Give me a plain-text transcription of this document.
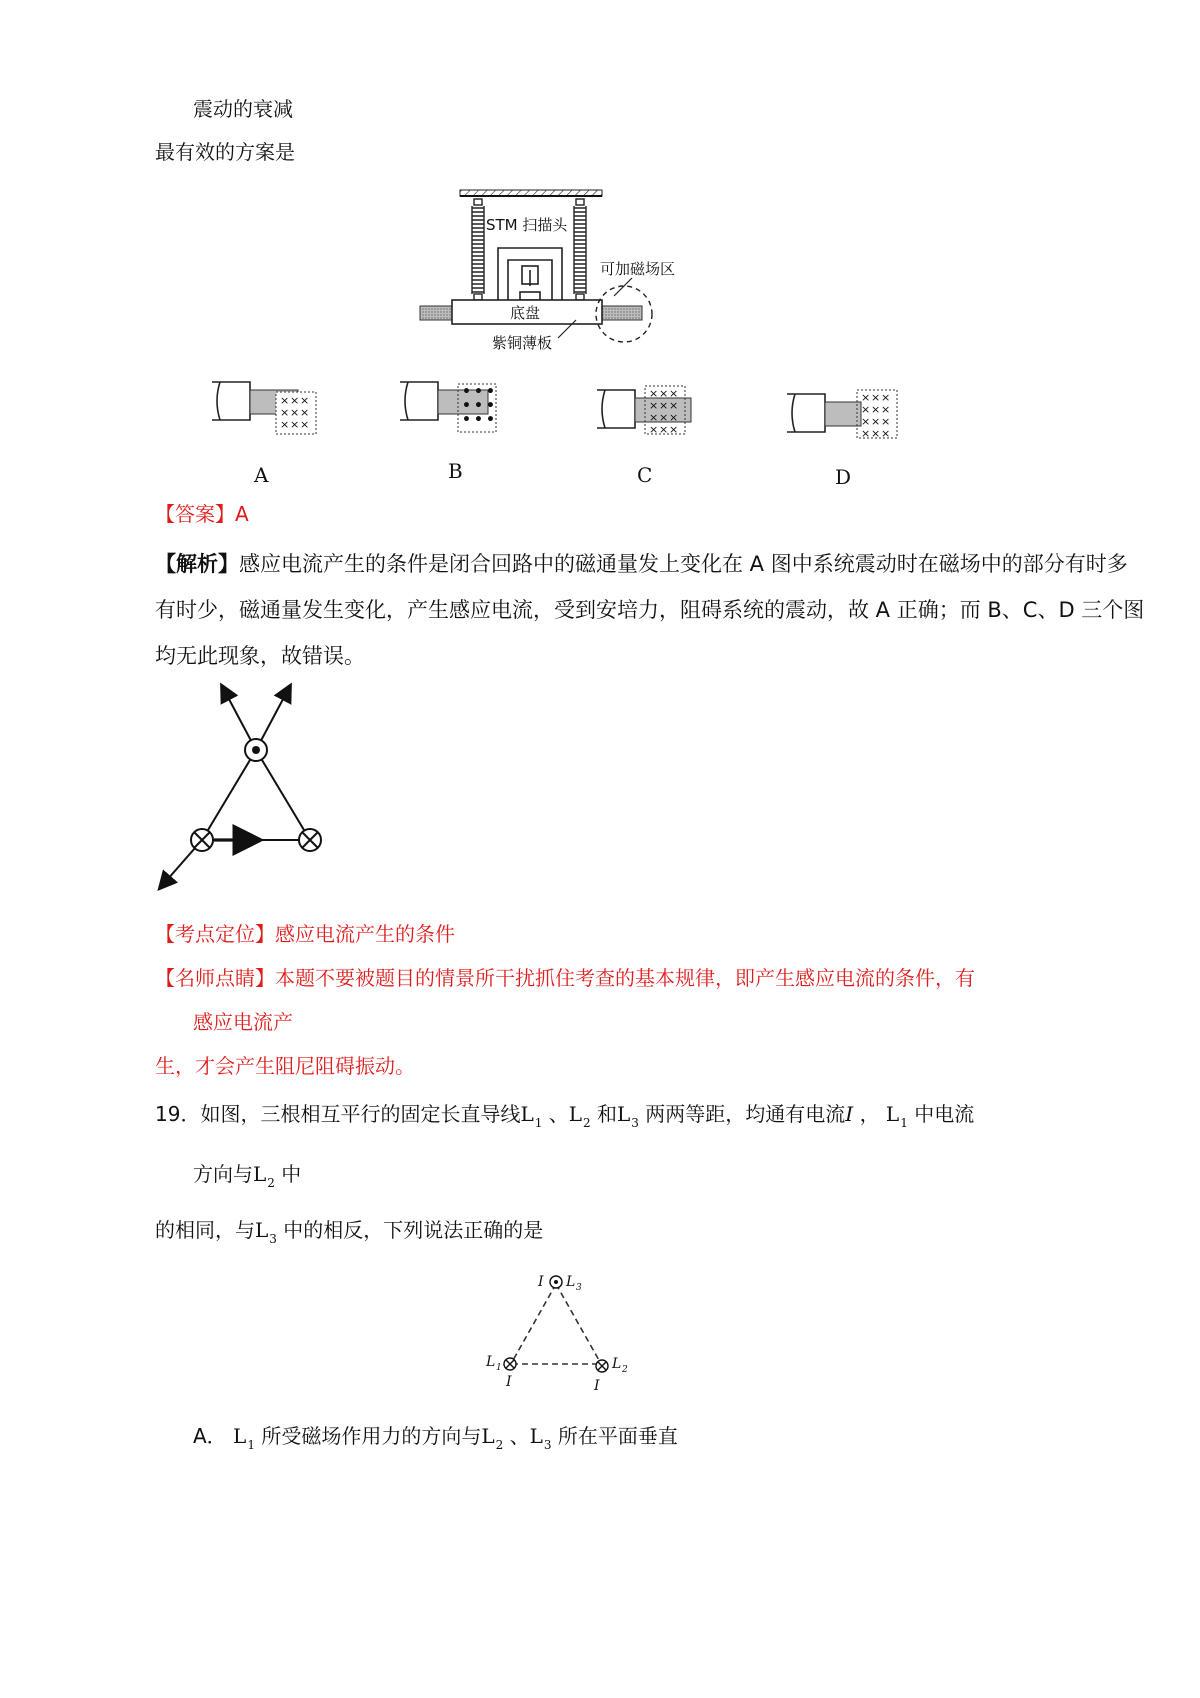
震动的衰减
最有效的方案是
STM 扫描头
底盘
可加磁场区
紫铜薄板
× × ×
× × ×
× × ×
A
• • •
• • •
• • •
B
× × ×
× × ×
× × ×
× × ×
C
× × ×
× × ×
× × ×
× × ×
D
【答案】A
【解析】感应电流产生的条件是闭合回路中的磁通量发上变化在 A 图中系统震动时在磁场中的部分有时多
有时少，磁通量发生变化，产生感应电流，受到安培力，阻碍系统的震动，故 A 正确；而 B、C、D 三个图
均无此现象，故错误。
【考点定位】感应电流产生的条件
【名师点睛】本题不要被题目的情景所干扰抓住考查的基本规律，即产生感应电流的条件，有
感应电流产
生，才会产生阻尼阻碍振动。
19．如图，三根相互平行的固定长直导线$L_1$ 、$L_2$ 和$L_3$ 两两等距，均通有电流I ， $L_1$ 中电流
方向与$L_2$ 中
的相同，与$L_3$ 中的相反，下列说法正确的是
I L 3
L 1
I
L 2
I
A． $L_1$ 所受磁场作用力的方向与$L_2$ 、$L_3$ 所在平面垂直
